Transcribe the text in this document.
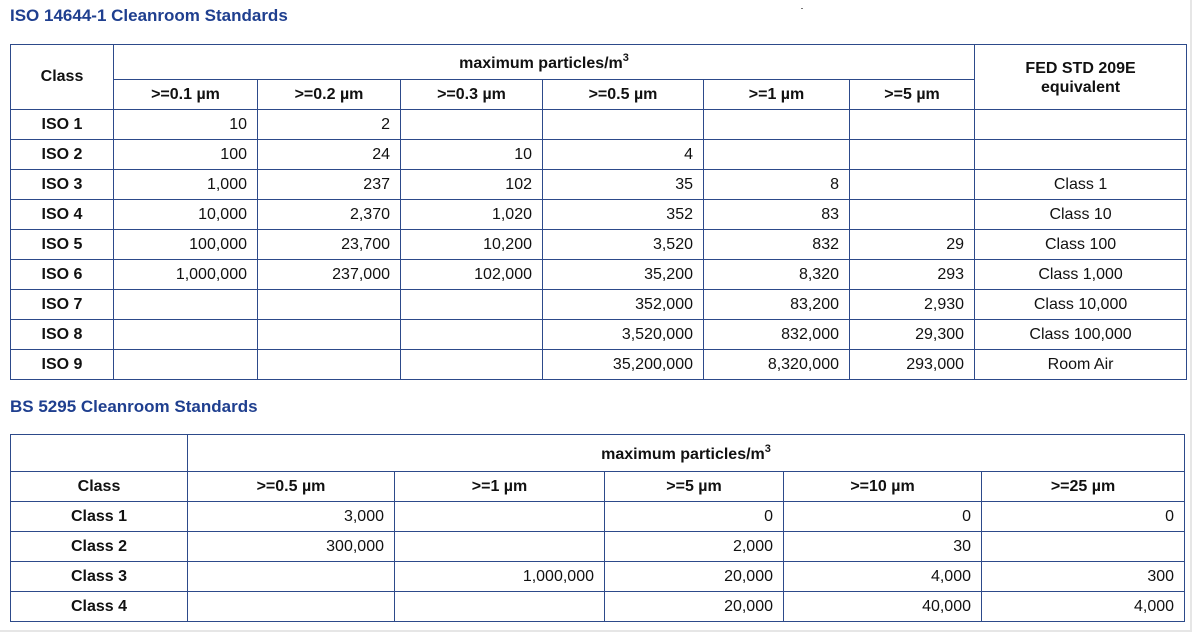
ISO 14644-1 Cleanroom Standards
Class	maximum particles/$m^3$						FED STD 209E
equivalent
	>=0.1 µm	>=0.2 µm	>=0.3 µm	>=0.5 µm	>=1 µm	>=5 µm	
ISO 1	10	2					
ISO 2	100	24	10	4			
ISO 3	1,000	237	102	35	8		Class 1
ISO 4	10,000	2,370	1,020	352	83		Class 10
ISO 5	100,000	23,700	10,200	3,520	832	29	Class 100
ISO 6	1,000,000	237,000	102,000	35,200	8,320	293	Class 1,000
ISO 7				352,000	83,200	2,930	Class 10,000
ISO 8				3,520,000	832,000	29,300	Class 100,000
ISO 9				35,200,000	8,320,000	293,000	Room Air
BS 5295 Cleanroom Standards
	maximum particles/$m^3$
Class	>=0.5 µm	>=1 µm	>=5 µm	>=10 µm	>=25 µm
Class 1	3,000		0	0	0
Class 2	300,000		2,000	30	
Class 3		1,000,000	20,000	4,000	300
Class 4			20,000	40,000	4,000
